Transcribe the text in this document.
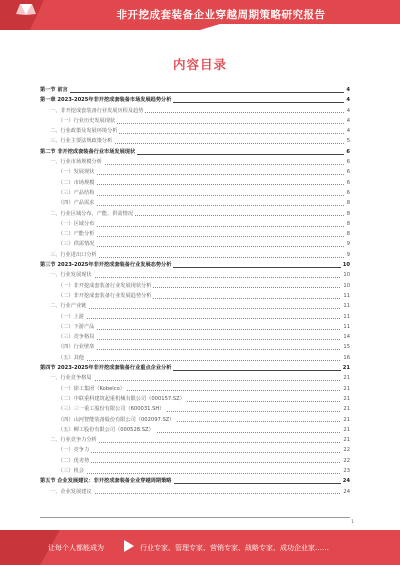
非开挖成套装备企业穿越周期策略研究报告
内容目录
第一节 前言	4
第一章 2023-2025年非开挖成套装备市场发展趋势分析	4
一、非开挖成套装备行业发展历程及趋势	4
（一）行业历史发展现状	4
二、行业政策及发展环境分析	4
三、行业主要法规政策分析	5
第二节 非开挖成套装备行业市场发展现状	6
一、行业市场规模分析	6
（一）发展现状	6
（二）市场规模	6
（三）产品结构	6
（四）产品需求	8
二、行业区域分布、产能、供需情况	8
（一）区域分布	8
（二）产能分析	8
（三）供需情况	9
三、行业进出口分析	9
第三节 2023-2025年非开挖成套装备行业发展态势分析	10
一、行业发展现状	10
（一）非开挖成套装备行业发展现状分析	10
（二）非开挖成套装备行业发展趋势分析	11
二、行业产业链	11
（一）上游	11
（二）下游产品	11
（三）竞争格局	14
（四）行业壁垒	15
（五）其他	16
第四节 2023-2025年非开挖成套装备行业重点企业分析	21
一、行业竞争格局	21
（一）徐工集团（Kobelco）	21
（二）中联重科建筑起重机械有限公司（000157.SZ）	21
（三）三一重工股份有限公司（600031.SH）	21
（四）山河智能装备股份有限公司（002097.SZ）	21
（五）柳工股份有限公司（000528.SZ）	21
二、行业竞争力分析	21
（一）竞争力	22
（二）优劣势	22
（三）机会	23
第五节 企业发展建议：非开挖成套装备企业穿越周期策略	24
一、企业发展建议	24
1
让每个人都能成为	行业专家、管理专家、营销专家、战略专家、成功企业家……
